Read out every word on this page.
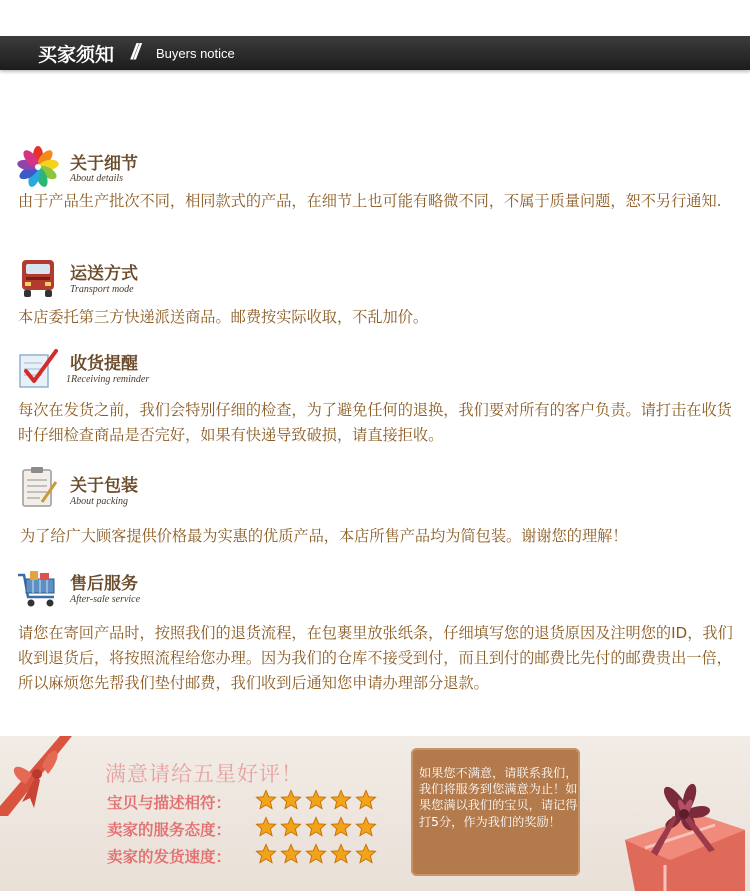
买家须知 // Buyers notice
关于细节
About details

由于产品生产批次不同，相同款式的产品，在细节上也可能有略微不同，不属于质量问题，恕不另行通知.

运送方式
Transport mode

本店委托第三方快递派送商品。邮费按实际收取，不乱加价。

收货提醒
1Receiving reminder

每次在发货之前，我们会特别仔细的检查，为了避免任何的退换，我们要对所有的客户负责。请打击在收货时仔细检查商品是否完好，如果有快递导致破损，请直接拒收。

关于包装
About packing

为了给广大顾客提供价格最为实惠的优质产品，本店所售产品均为简包装。谢谢您的理解！

售后服务
After-sale service

请您在寄回产品时，按照我们的退货流程，在包裹里放张纸条，仔细填写您的退货原因及注明您的ID，我们收到退货后，将按照流程给您办理。因为我们的仓库不接受到付，而且到付的邮费比先付的邮费贵出一倍，所以麻烦您先帮我们垫付邮费，我们收到后通知您申请办理部分退款。

满意请给五星好评！
宝贝与描述相符：
卖家的服务态度：
卖家的发货速度：

如果您不满意，请联系我们，我们将服务到您满意为止！如果您满以我们的宝贝，请记得打5分，作为我们的奖励！
